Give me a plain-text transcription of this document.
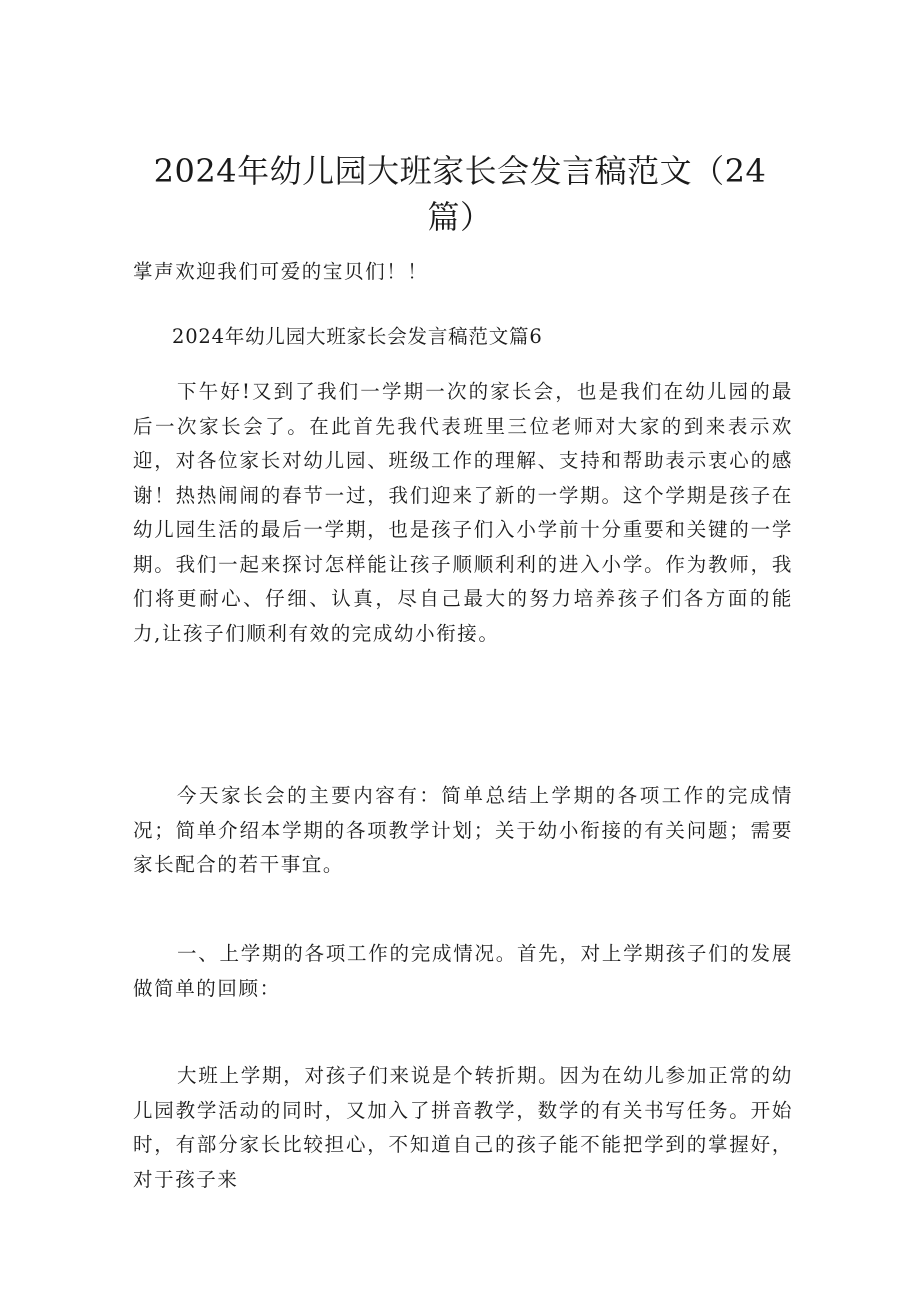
2024年幼儿园大班家长会发言稿范文（24篇）

掌声欢迎我们可爱的宝贝们！！

2024年幼儿园大班家长会发言稿范文篇6

下午好!又到了我们一学期一次的家长会，也是我们在幼儿园的最后一次家长会了。在此首先我代表班里三位老师对大家的到来表示欢迎，对各位家长对幼儿园、班级工作的理解、支持和帮助表示衷心的感谢！热热闹闹的春节一过，我们迎来了新的一学期。这个学期是孩子在幼儿园生活的最后一学期，也是孩子们入小学前十分重要和关键的一学期。我们一起来探讨怎样能让孩子顺顺利利的进入小学。作为教师，我们将更耐心、仔细、认真，尽自己最大的努力培养孩子们各方面的能力,让孩子们顺利有效的完成幼小衔接。

今天家长会的主要内容有：简单总结上学期的各项工作的完成情况；简单介绍本学期的各项教学计划；关于幼小衔接的有关问题；需要家长配合的若干事宜。

一、上学期的各项工作的完成情况。首先，对上学期孩子们的发展做简单的回顾：

大班上学期，对孩子们来说是个转折期。因为在幼儿参加正常的幼儿园教学活动的同时，又加入了拼音教学，数学的有关书写任务。开始时，有部分家长比较担心，不知道自己的孩子能不能把学到的掌握好，对于孩子来
